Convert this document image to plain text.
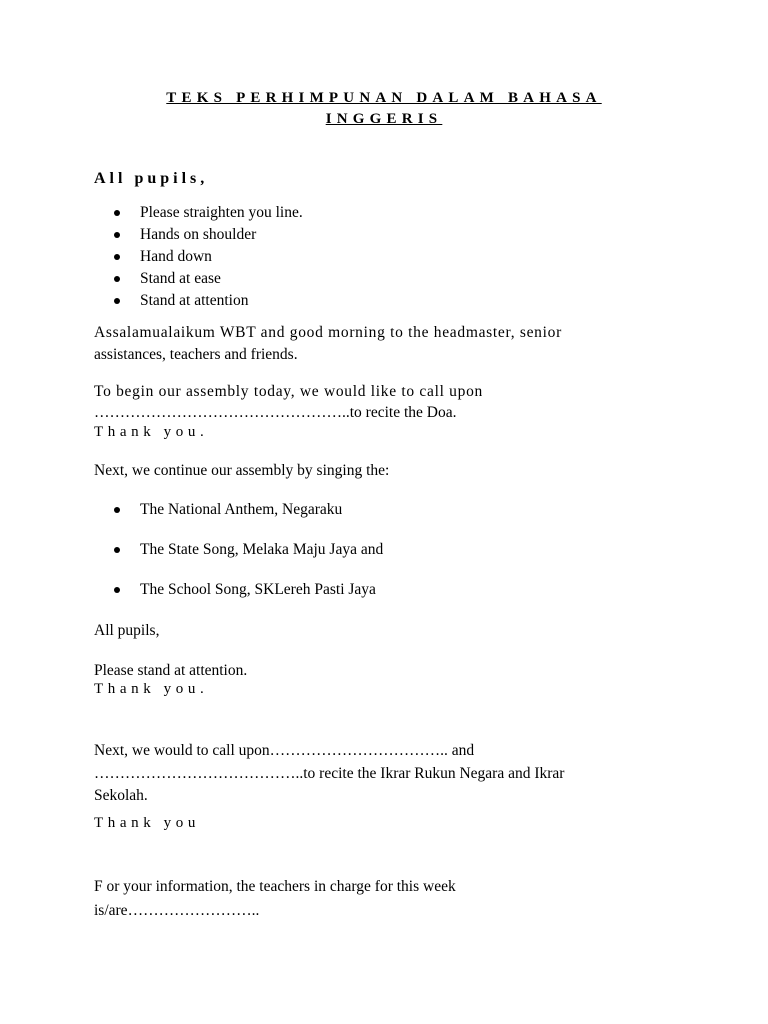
TEKS PERHIMPUNAN DALAM BAHASA
INGGERIS
All pupils,
Please straighten you line.
Hands on shoulder
Hand down
Stand at ease
Stand at attention
Assalamualaikum WBT and good morning to the headmaster, senior
assistances, teachers and friends.
To begin our assembly today, we would like to call upon
…………………………………………..to recite the Doa.
Thank you.
Next, we continue our assembly by singing the:
The National Anthem, Negaraku
The State Song, Melaka Maju Jaya and
The School Song, SKLereh Pasti Jaya
All pupils,
Please stand at attention.
Thank you.
Next, we would to call upon…………………………….. and
…………………………………..to recite the Ikrar Rukun Negara and Ikrar
Sekolah.
Thank you
F or your information, the teachers in charge for this week
is/are……………………..
